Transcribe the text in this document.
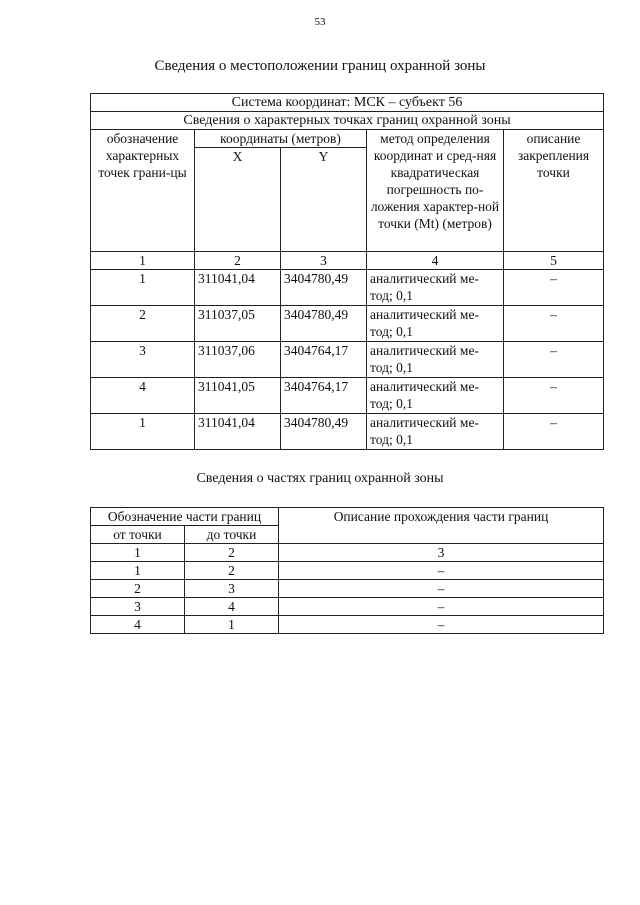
53
Сведения о местоположении границ охранной зоны
Система координат: МСК – субъект 56				
Сведения о характерных точках границ охранной зоны				
обозначение характерных точек грани-цы	координаты (метров)		метод определения координат и сред-няя квадратическая погрешность по-ложения характер-ной точки (Mt) (метров)	описание закрепления точки
	X	Y		
1	2	3	4	5
1	311041,04	3404780,49	аналитический ме-тод; 0,1	–
2	311037,05	3404780,49	аналитический ме-тод; 0,1	–
3	311037,06	3404764,17	аналитический ме-тод; 0,1	–
4	311041,05	3404764,17	аналитический ме-тод; 0,1	–
1	311041,04	3404780,49	аналитический ме-тод; 0,1	–
Сведения о частях границ охранной зоны
Обозначение части границ		Описание прохождения части границ
от точки	до точки	
1	2	3
1	2	–
2	3	–
3	4	–
4	1	–
